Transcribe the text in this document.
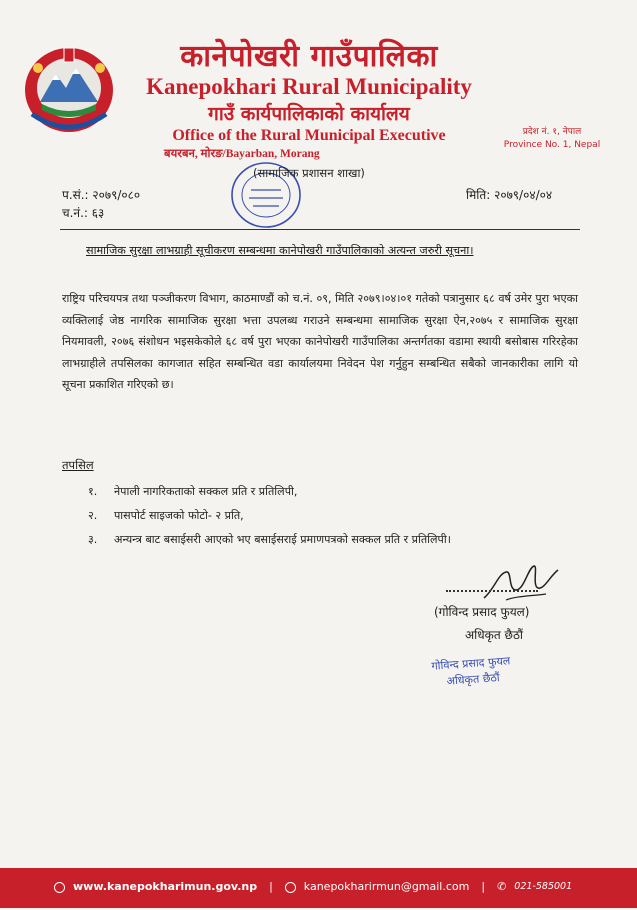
कानेपोखरी गाउँपालिका
Kanepokhari Rural Municipality
गाउँ कार्यपालिकाको कार्यालय
Office of the Rural Municipal Executive
बयरबन, मोरङ/Bayarban, Morang
प्रदेश नं. १, नेपाल
Province No. 1, Nepal
(सामाजिक प्रशासन शाखा)
प.सं.: २०७९/०८०
च.नं.: ६३
मिति: २०७९/०४/०४
सामाजिक सुरक्षा लाभग्राही सूचीकरण सम्बन्धमा कानेपोखरी गाउँपालिकाको अत्यन्त जरुरी सूचना।
राष्ट्रिय परिचयपत्र तथा पञ्जीकरण विभाग, काठमाण्डौं को च.नं. ०९, मिति २०७९।०४।०१ गतेको पत्रानुसार ६८ वर्ष उमेर पुरा भएका व्यक्तिलाई जेष्ठ नागरिक सामाजिक सुरक्षा भत्ता उपलब्ध गराउने सम्बन्धमा सामाजिक सुरक्षा ऐन,२०७५ र सामाजिक सुरक्षा नियमावली, २०७६ संशोधन भइसकेकोले ६८ वर्ष पुरा भएका कानेपोखरी गाउँपालिका अन्तर्गतका वडामा स्थायी बसोबास गरिरहेका लाभग्राहीले तपसिलका कागजात सहित सम्बन्धित वडा कार्यालयमा निवेदन पेश गर्नुहुन सम्बन्धित सबैको जानकारीका लागि यो सूचना प्रकाशित गरिएको छ।
तपसिल
१.	नेपाली नागरिकताको सक्कल प्रति र प्रतिलिपी,
२.	पासपोर्ट साइजको फोटो- २ प्रति,
३.	अन्यन्त्र बाट बसाईसरी आएको भए बसाईसराई प्रमाणपत्रको सक्कल प्रति र प्रतिलिपी।
(गोविन्द प्रसाद फुयल)
अधिकृत छैठौं
गोविन्द प्रसाद फुयल
अधिकृत छैठौं
www.kanepokharimun.gov.np |	kanepokharirmun@gmail.com | ✆ 021-585001
